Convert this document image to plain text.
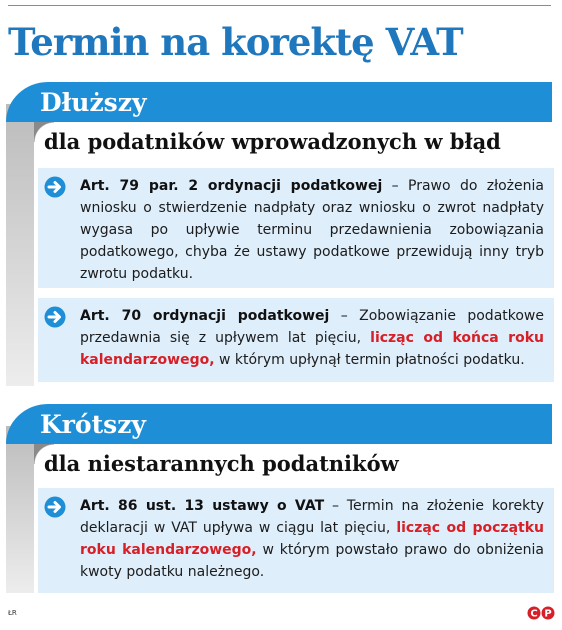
Termin na korektę VAT
Dłuższy
dla podatników wprowadzonych w błąd

Art. 79 par. 2 ordynacji podatkowej – Prawo do złożenia wniosku o stwierdzenie nadpłaty oraz wniosku o zwrot nadpłaty wygasa po upływie terminu przedawnienia zobowiązania podatkowego, chyba że ustawy podatkowe przewidują inny tryb zwrotu podatku.

Art. 70 ordynacji podatkowej – Zobowiązanie podatkowe przedawnia się z upływem lat pięciu, licząc od końca roku kalendarzowego, w którym upłynął termin płatności podatku.

Krótszy
dla niestarannych podatników

Art. 86 ust. 13 ustawy o VAT – Termin na złożenie korekty deklaracji w VAT upływa w ciągu lat pięciu, licząc od początku roku kalendarzowego, w którym powstało prawo do obniżenia kwoty podatku należnego.

ŁR	C P
